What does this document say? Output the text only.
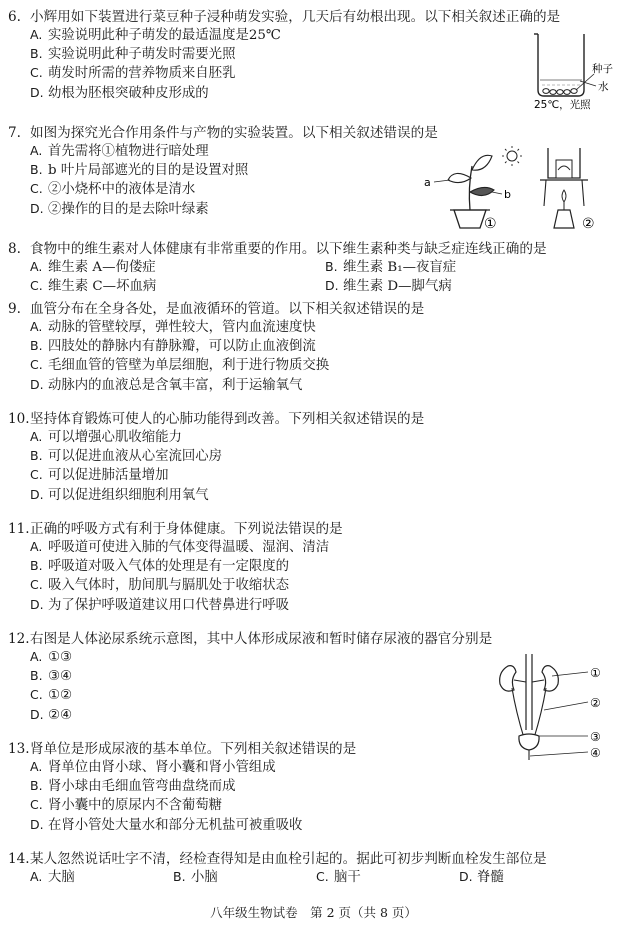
6. 小辉用如下装置进行菜豆种子浸种萌发实验，几天后有幼根出现。以下相关叙述正确的是
A. 实验说明此种子萌发的最适温度是25℃
B. 实验说明此种子萌发时需要光照
C. 萌发时所需的营养物质来自胚乳
D. 幼根为胚根突破种皮形成的
种子
水
25℃，光照
7. 如图为探究光合作用条件与产物的实验装置。以下相关叙述错误的是
A. 首先需将①植物进行暗处理
B. b 叶片局部遮光的目的是设置对照
C. ②小烧杯中的液体是清水
D. ②操作的目的是去除叶绿素
a
b
①	②
8. 食物中的维生素对人体健康有非常重要的作用。以下维生素种类与缺乏症连线正确的是
A. 维生素 A—佝偻症	B. 维生素 B₁—夜盲症
C. 维生素 C—坏血病	D. 维生素 D—脚气病
9. 血管分布在全身各处，是血液循环的管道。以下相关叙述错误的是
A. 动脉的管壁较厚，弹性较大，管内血流速度快
B. 四肢处的静脉内有静脉瓣，可以防止血液倒流
C. 毛细血管的管壁为单层细胞，利于进行物质交换
D. 动脉内的血液总是含氧丰富，利于运输氧气
10.坚持体育锻炼可使人的心肺功能得到改善。下列相关叙述错误的是
A. 可以增强心肌收缩能力
B. 可以促进血液从心室流回心房
C. 可以促进肺活量增加
D. 可以促进组织细胞利用氧气
11.正确的呼吸方式有利于身体健康。下列说法错误的是
A. 呼吸道可使进入肺的气体变得温暖、湿润、清洁
B. 呼吸道对吸入气体的处理是有一定限度的
C. 吸入气体时，肋间肌与膈肌处于收缩状态
D. 为了保护呼吸道建议用口代替鼻进行呼吸
12.右图是人体泌尿系统示意图，其中人体形成尿液和暂时储存尿液的器官分别是
A. ①③
B. ③④
C. ①②
D. ②④
①
②
③
④
13.肾单位是形成尿液的基本单位。下列相关叙述错误的是
A. 肾单位由肾小球、肾小囊和肾小管组成
B. 肾小球由毛细血管弯曲盘绕而成
C. 肾小囊中的原尿内不含葡萄糖
D. 在肾小管处大量水和部分无机盐可被重吸收
14.某人忽然说话吐字不清，经检查得知是由血栓引起的。据此可初步判断血栓发生部位是
A. 大脑	B. 小脑	C. 脑干	D. 脊髓
八年级生物试卷　第 2 页（共 8 页）
